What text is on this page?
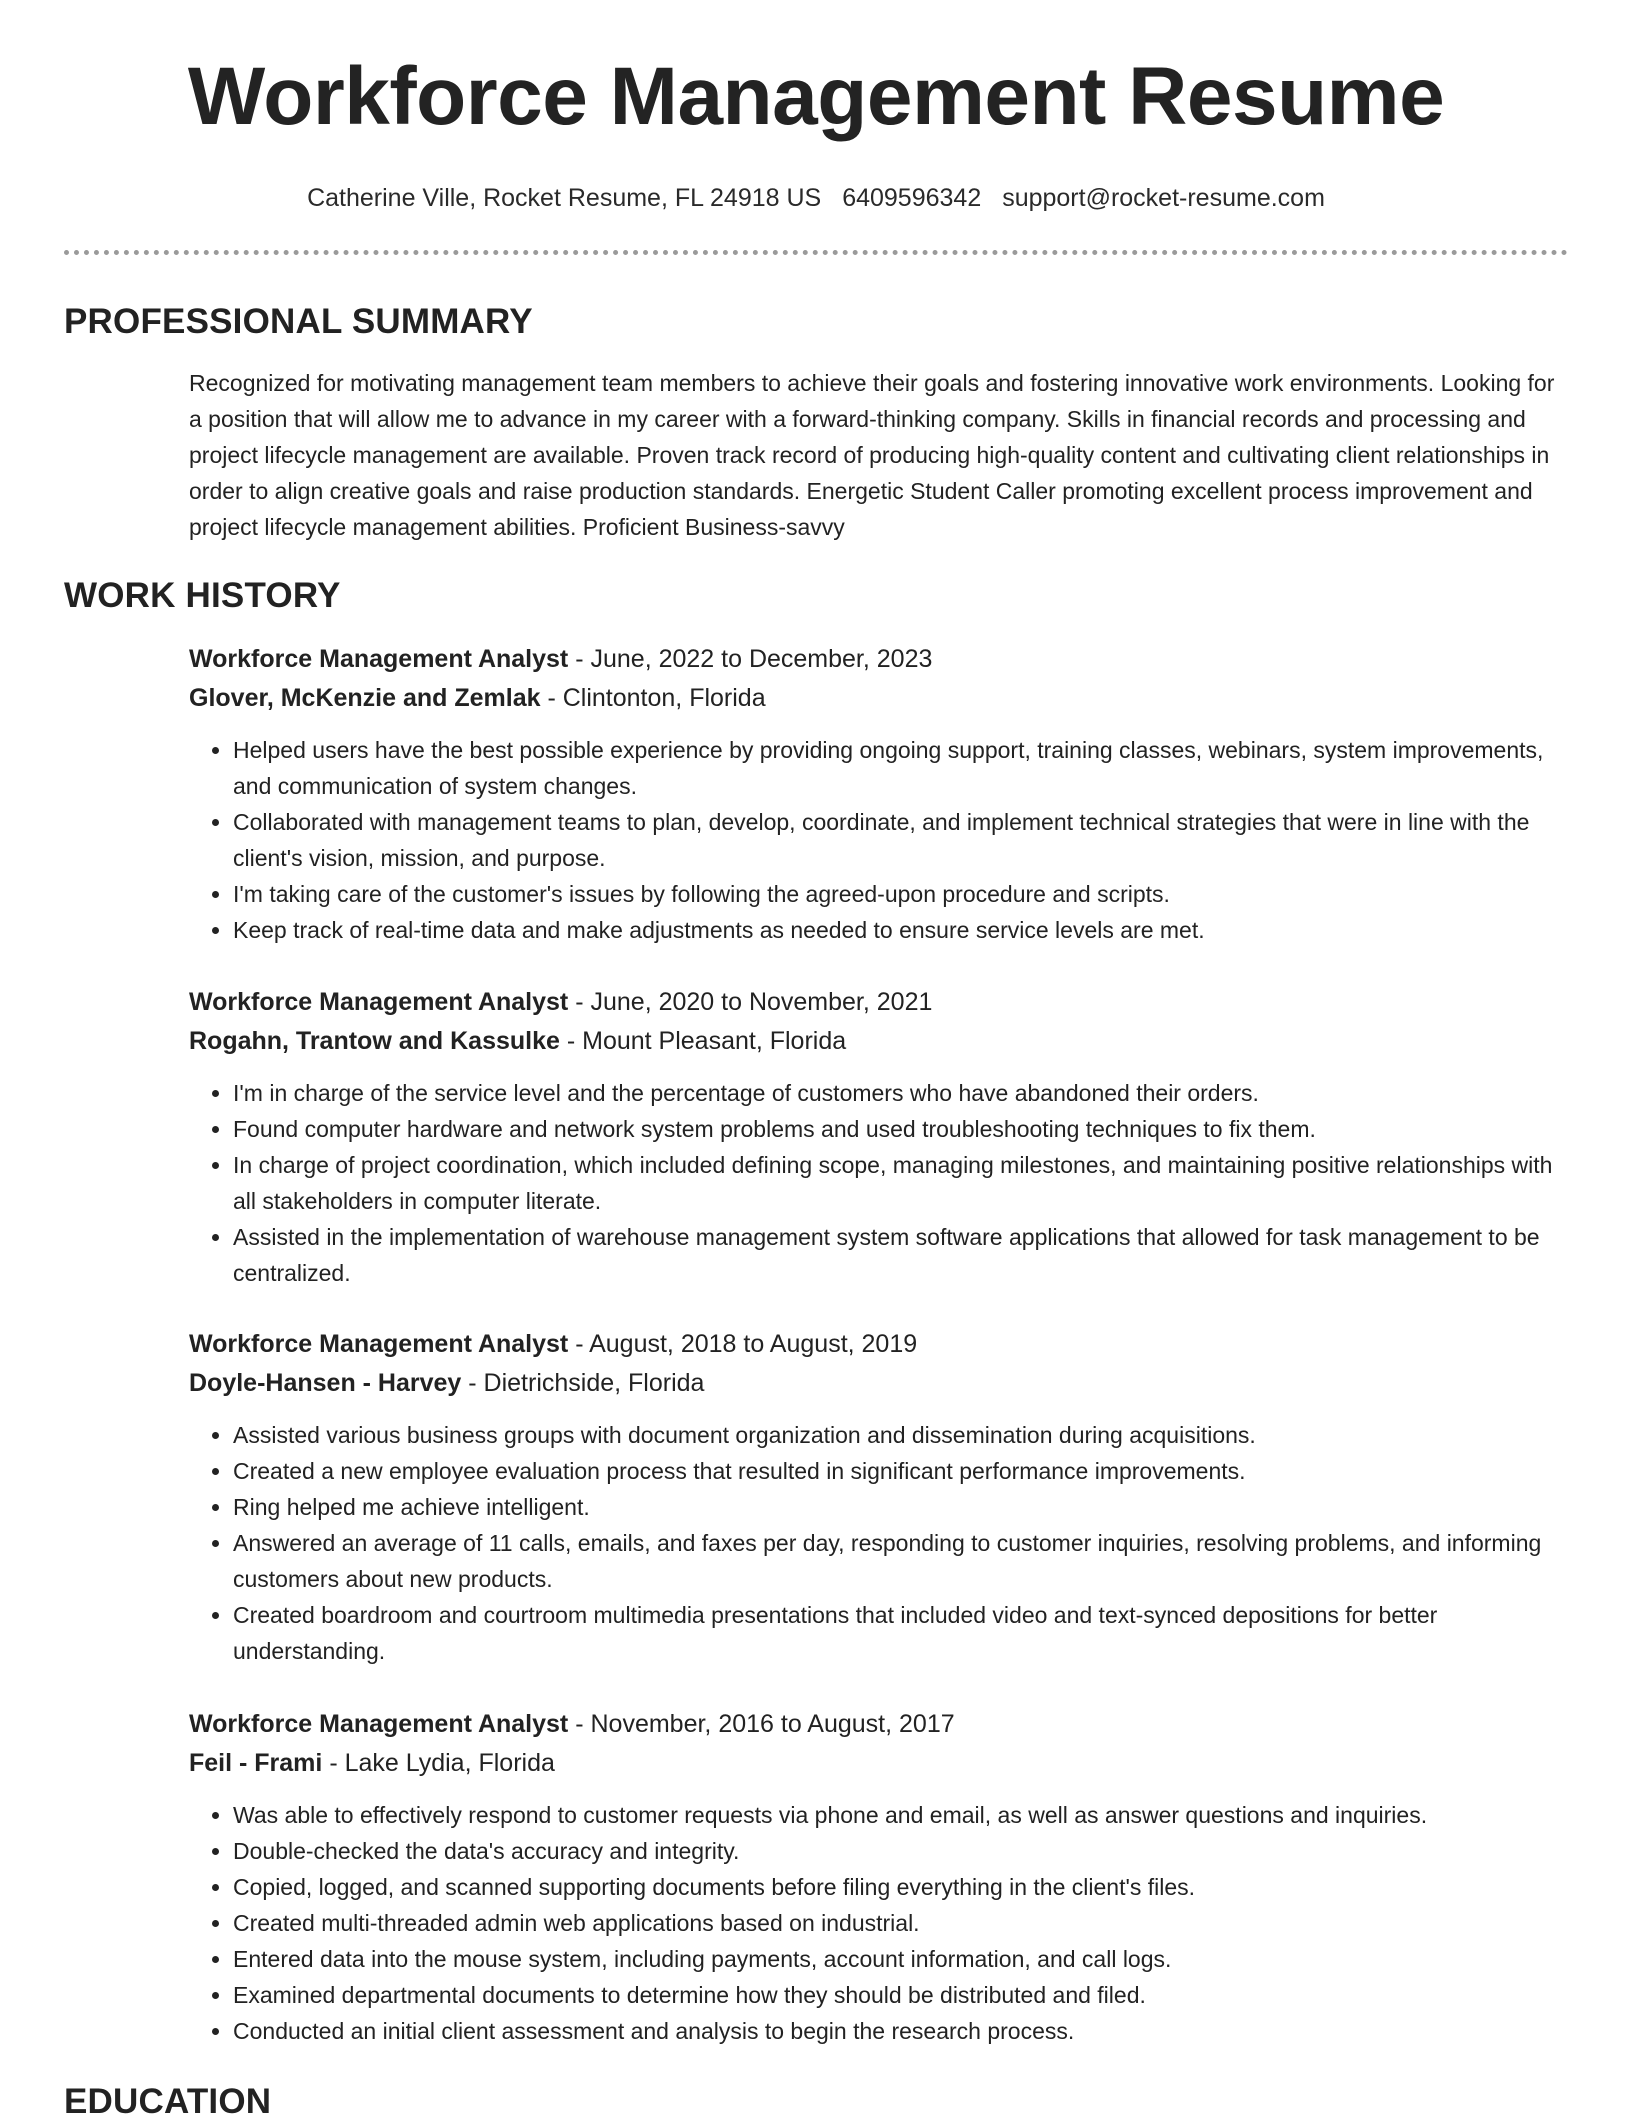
Workforce Management Resume
Catherine Ville, Rocket Resume, FL 24918 US 6409596342 support@rocket-resume.com
PROFESSIONAL SUMMARY

Recognized for motivating management team members to achieve their goals and fostering innovative work environments. Looking for a position that will allow me to advance in my career with a forward-thinking company. Skills in financial records and processing and project lifecycle management are available. Proven track record of producing high-quality content and cultivating client relationships in order to align creative goals and raise production standards. Energetic Student Caller promoting excellent process improvement and project lifecycle management abilities. Proficient Business-savvy

WORK HISTORY

Workforce Management Analyst - June, 2022 to December, 2023

Glover, McKenzie and Zemlak - Clintonton, Florida

• Helped users have the best possible experience by providing ongoing support, training classes, webinars, system improvements, and communication of system changes.
• Collaborated with management teams to plan, develop, coordinate, and implement technical strategies that were in line with the client's vision, mission, and purpose.
• I'm taking care of the customer's issues by following the agreed-upon procedure and scripts.
• Keep track of real-time data and make adjustments as needed to ensure service levels are met.

Workforce Management Analyst - June, 2020 to November, 2021

Rogahn, Trantow and Kassulke - Mount Pleasant, Florida

• I'm in charge of the service level and the percentage of customers who have abandoned their orders.
• Found computer hardware and network system problems and used troubleshooting techniques to fix them.
• In charge of project coordination, which included defining scope, managing milestones, and maintaining positive relationships with all stakeholders in computer literate.
• Assisted in the implementation of warehouse management system software applications that allowed for task management to be centralized.

Workforce Management Analyst - August, 2018 to August, 2019

Doyle-Hansen - Harvey - Dietrichside, Florida

• Assisted various business groups with document organization and dissemination during acquisitions.
• Created a new employee evaluation process that resulted in significant performance improvements.
• Ring helped me achieve intelligent.
• Answered an average of 11 calls, emails, and faxes per day, responding to customer inquiries, resolving problems, and informing customers about new products.
• Created boardroom and courtroom multimedia presentations that included video and text-synced depositions for better understanding.

Workforce Management Analyst - November, 2016 to August, 2017

Feil - Frami - Lake Lydia, Florida

• Was able to effectively respond to customer requests via phone and email, as well as answer questions and inquiries.
• Double-checked the data's accuracy and integrity.
• Copied, logged, and scanned supporting documents before filing everything in the client's files.
• Created multi-threaded admin web applications based on industrial.
• Entered data into the mouse system, including payments, account information, and call logs.
• Examined departmental documents to determine how they should be distributed and filed.
• Conducted an initial client assessment and analysis to begin the research process.
EDUCATION
